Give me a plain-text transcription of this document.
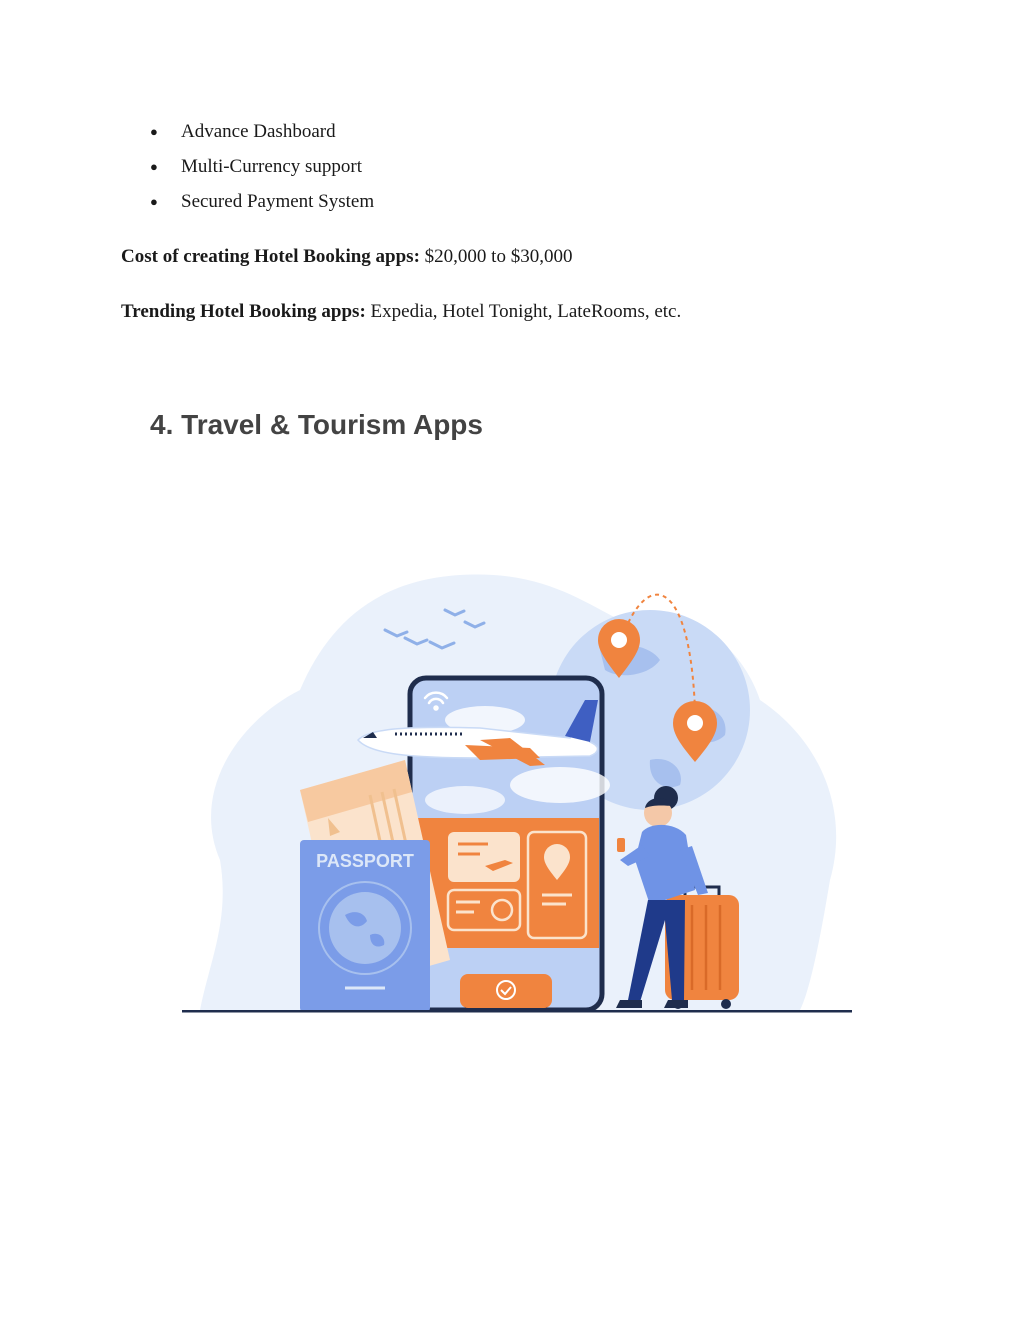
● Advance Dashboard
● Multi-Currency support
● Secured Payment System
Cost of creating Hotel Booking apps: $20,000 to $30,000
Trending Hotel Booking apps: Expedia, Hotel Tonight, LateRooms, etc.
4. Travel & Tourism Apps
PASSPORT
